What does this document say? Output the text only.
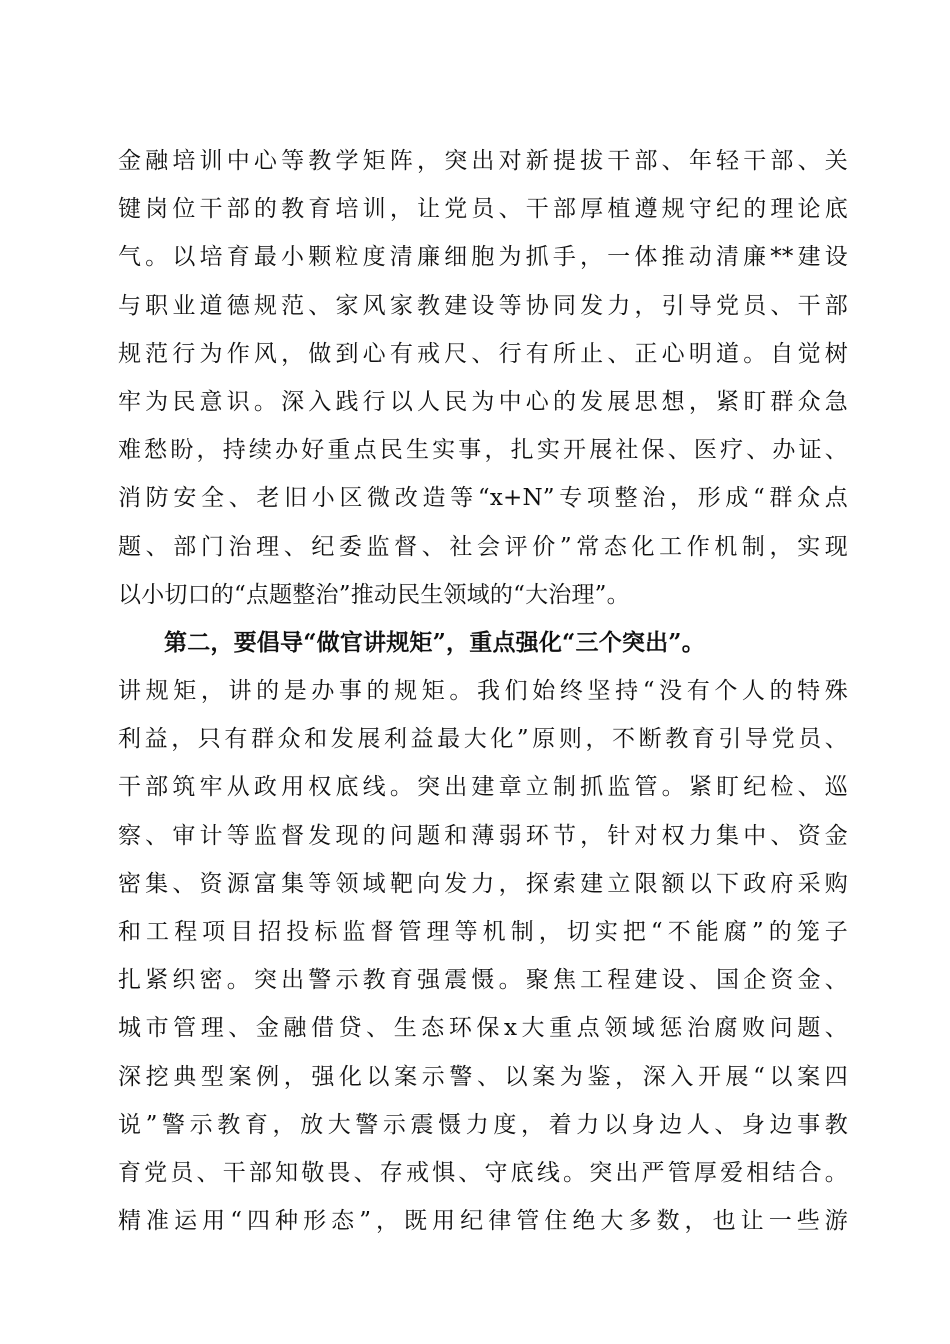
金融培训中心等教学矩阵，突出对新提拔干部、年轻干部、关
键岗位干部的教育培训，让党员、干部厚植遵规守纪的理论底
气。以培育最小颗粒度清廉细胞为抓手，一体推动清廉**建设
与职业道德规范、家风家教建设等协同发力，引导党员、干部
规范行为作风，做到心有戒尺、行有所止、正心明道。自觉树
牢为民意识。深入践行以人民为中心的发展思想，紧盯群众急
难愁盼，持续办好重点民生实事，扎实开展社保、医疗、办证、
消防安全、老旧小区微改造等“x+N”专项整治，形成“群众点
题、部门治理、纪委监督、社会评价”常态化工作机制，实现
以小切口的“点题整治”推动民生领域的“大治理”。
第二，要倡导“做官讲规矩”，重点强化“三个突出”。
讲规矩，讲的是办事的规矩。我们始终坚持“没有个人的特殊
利益，只有群众和发展利益最大化”原则，不断教育引导党员、
干部筑牢从政用权底线。突出建章立制抓监管。紧盯纪检、巡
察、审计等监督发现的问题和薄弱环节，针对权力集中、资金
密集、资源富集等领域靶向发力，探索建立限额以下政府采购
和工程项目招投标监督管理等机制，切实把“不能腐”的笼子
扎紧织密。突出警示教育强震慑。聚焦工程建设、国企资金、
城市管理、金融借贷、生态环保x大重点领域惩治腐败问题、
深挖典型案例，强化以案示警、以案为鉴，深入开展“以案四
说”警示教育，放大警示震慑力度，着力以身边人、身边事教
育党员、干部知敬畏、存戒惧、守底线。突出严管厚爱相结合。
精准运用“四种形态”，既用纪律管住绝大多数，也让一些游
